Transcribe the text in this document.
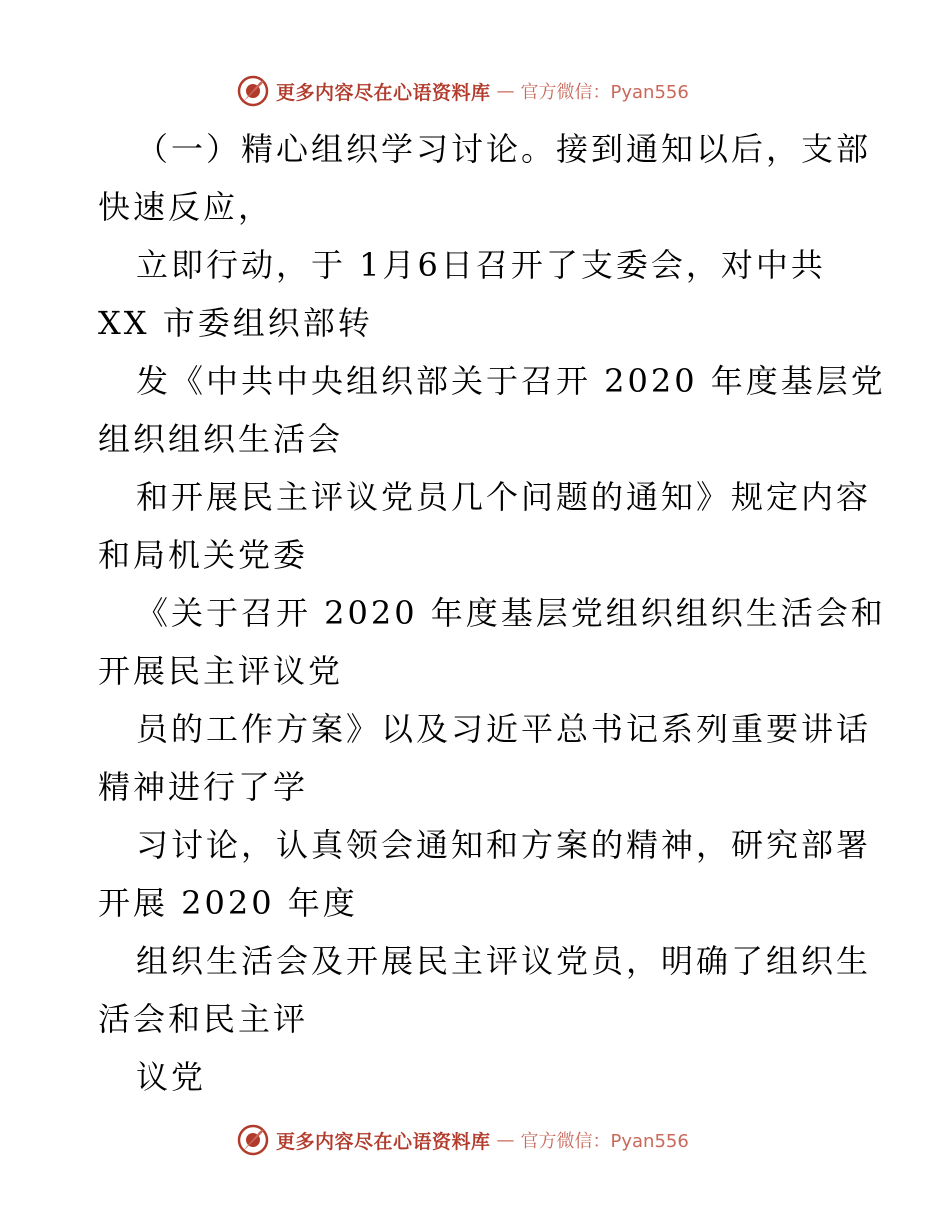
更多内容尽在心语资料库 — 官方微信：Pyan556

（一）精心组织学习讨论。接到通知以后，支部

快速反应，

立即行动，于 1月6日召开了支委会，对中共

XX 市委组织部转

发《中共中央组织部关于召开 2020 年度基层党

组织组织生活会

和开展民主评议党员几个问题的通知》规定内容

和局机关党委

《关于召开 2020 年度基层党组织组织生活会和

开展民主评议党

员的工作方案》以及习近平总书记系列重要讲话

精神进行了学

习讨论，认真领会通知和方案的精神，研究部署

开展 2020 年度

组织生活会及开展民主评议党员，明确了组织生

活会和民主评

议党

更多内容尽在心语资料库 — 官方微信：Pyan556
